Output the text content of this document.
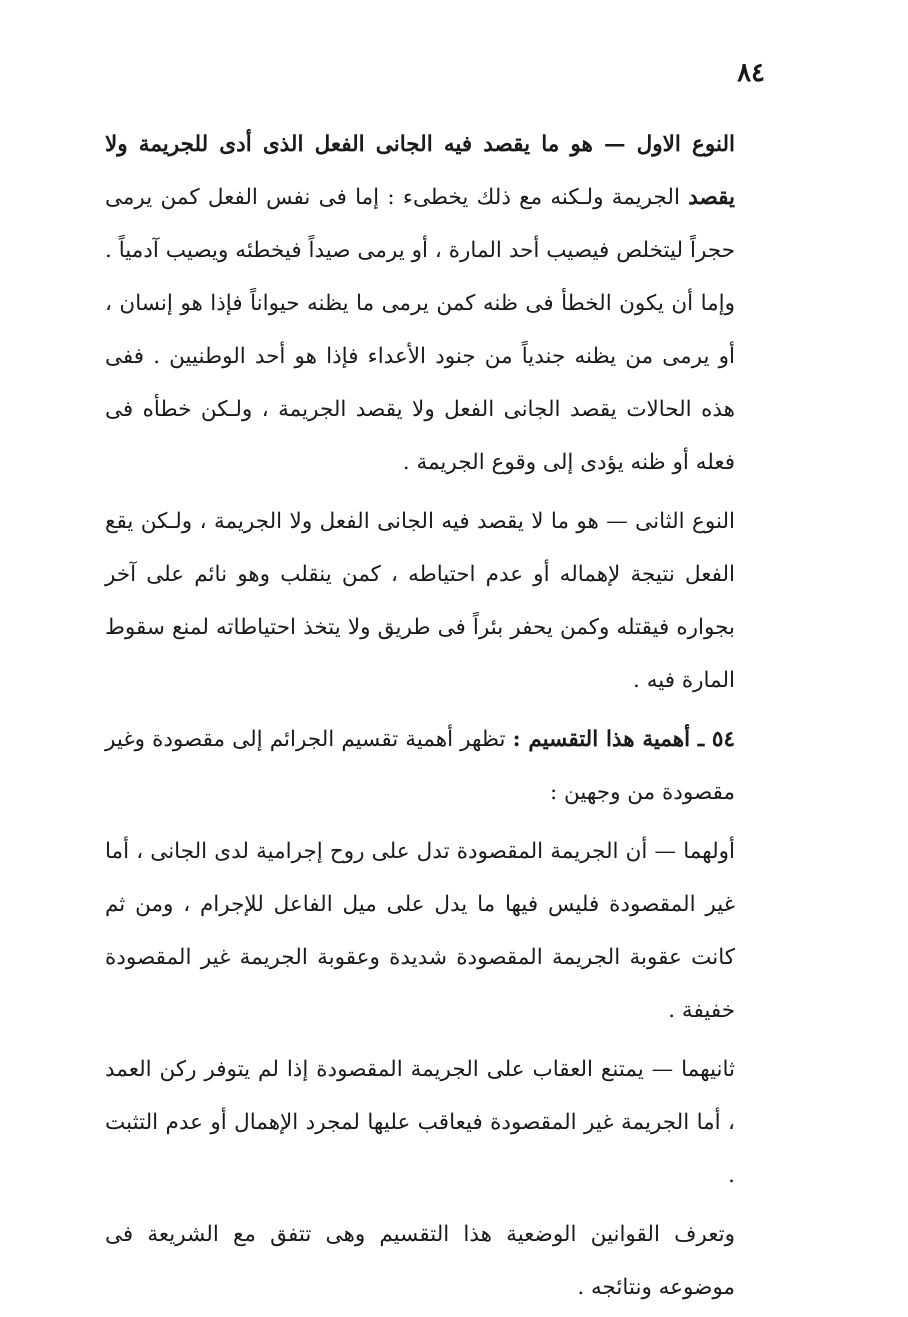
٨٤

النوع الاول — هو ما يقصد فيه الجانى الفعل الذى أدى للجريمة ولا يقصد الجريمة ولـكنه مع ذلك يخطىء : إما فى نفس الفعل كمن يرمى حجراً ليتخلص فيصيب أحد المارة ، أو يرمى صيداً فيخطئه ويصيب آدمياً . وإما أن يكون الخطأ فى ظنه كمن يرمى ما يظنه حيواناً فإذا هو إنسان ، أو يرمى من يظنه جندياً من جنود الأعداء فإذا هو أحد الوطنيين . ففى هذه الحالات يقصد الجانى الفعل ولا يقصد الجريمة ، ولـكن خطأه فى فعله أو ظنه يؤدى إلى وقوع الجريمة .

النوع الثانى — هو ما لا يقصد فيه الجانى الفعل ولا الجريمة ، ولـكن يقع الفعل نتيجة لإهماله أو عدم احتياطه ، كمن ينقلب وهو نائم على آخر بجواره فيقتله وكمن يحفر بئراً فى طريق ولا يتخذ احتياطاته لمنع سقوط المارة فيه .

٥٤ ـ أهمية هذا التقسيم : تظهر أهمية تقسيم الجرائم إلى مقصودة وغير مقصودة من وجهين :

أولهما — أن الجريمة المقصودة تدل على روح إجرامية لدى الجانى ، أما غير المقصودة فليس فيها ما يدل على ميل الفاعل للإجرام ، ومن ثم كانت عقوبة الجريمة المقصودة شديدة وعقوبة الجريمة غير المقصودة خفيفة .

ثانيهما — يمتنع العقاب على الجريمة المقصودة إذا لم يتوفر ركن العمد ، أما الجريمة غير المقصودة فيعاقب عليها لمجرد الإهمال أو عدم التثبت .

وتعرف القوانين الوضعية هذا التقسيم وهى تتفق مع الشريعة فى موضوعه ونتائجه .
